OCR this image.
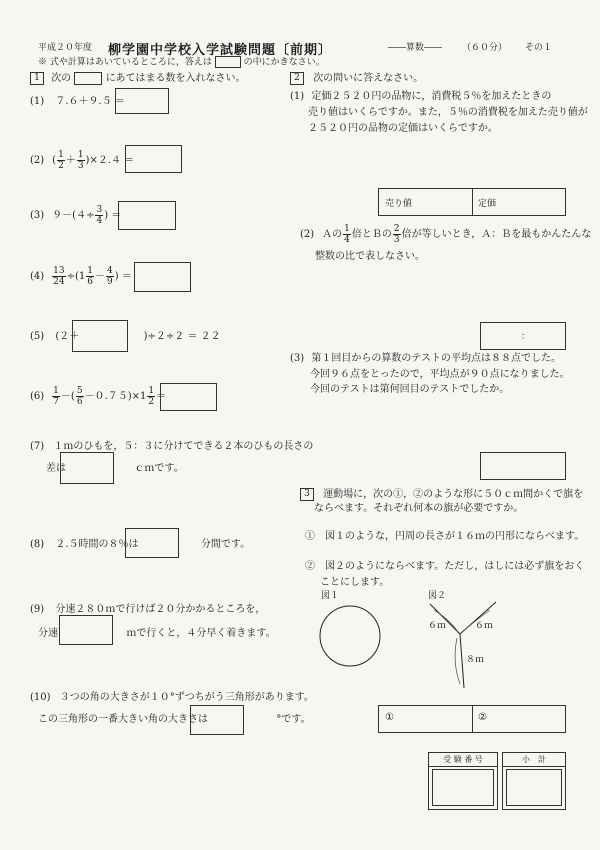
平成２０年度 柳学園中学校入学試験問題〔前期〕	――算数―― （６０分） その１
※ 式や計算はあいているところに，答えは	の中にかきなさい。
1 次の	にあてはまる数を入れなさい。
(1) ７.６＋９.５ ＝
(2) ( $\frac{1}{2} + \frac{1}{3} )\times 2.4$ ＝
(3) $9-(4\div \frac{3}{4}$ ) ＝
$(4) \frac{13}{24} \div(1 \frac{1}{6} - \frac{4}{9}$ ) ＝
(5) (２＋	)÷２÷２ ＝ ２２
$(6) \frac{1}{7}$ －( $\frac{5}{6} -0.75)\times 1 \frac{1}{2}$ ＝
(7) １ｍのひもを，５：３に分けてできる２本のひもの長さの
差は	ｃｍです。
(8) ２.５時間の８％は	分間です。
(9) 分速２８０ｍで行けば２０分かかるところを，
分速	ｍで行くと，４分早く着きます。
(10) ３つの角の大きさが１０°ずつちがう三角形があります。
この三角形の一番大きい角の大きさは	°です。
2 次の問いに答えなさい。
(1) 定価２５２０円の品物に，消費税５％を加えたときの
売り値はいくらですか。また，５％の消費税を加えた売り値が
２５２０円の品物の定価はいくらですか。
売り値	定価
(2) Ａの $\frac{1}{4}$ 倍とＢの $\frac{2}{3}$ 倍が等しいとき，Ａ：Ｂを最もかんたんな
整数の比で表しなさい。
：
(3) 第１回目からの算数のテストの平均点は８８点でした。
今回９６点をとったので，平均点が９０点になりました。
今回のテストは第何回目のテストでしたか。
3 運動場に，次の①，②のような形に５０ｃｍ間かくで旗を
ならべます。それぞれ何本の旗が必要ですか。
①　図１のような，円周の長さが１６ｍの円形にならべます。
②　図２のようにならべます。ただし，はしには必ず旗をおく
ことにします。
図１	図２
６ｍ	６ｍ
８ｍ
①	②
受 験 番 号	小　計
